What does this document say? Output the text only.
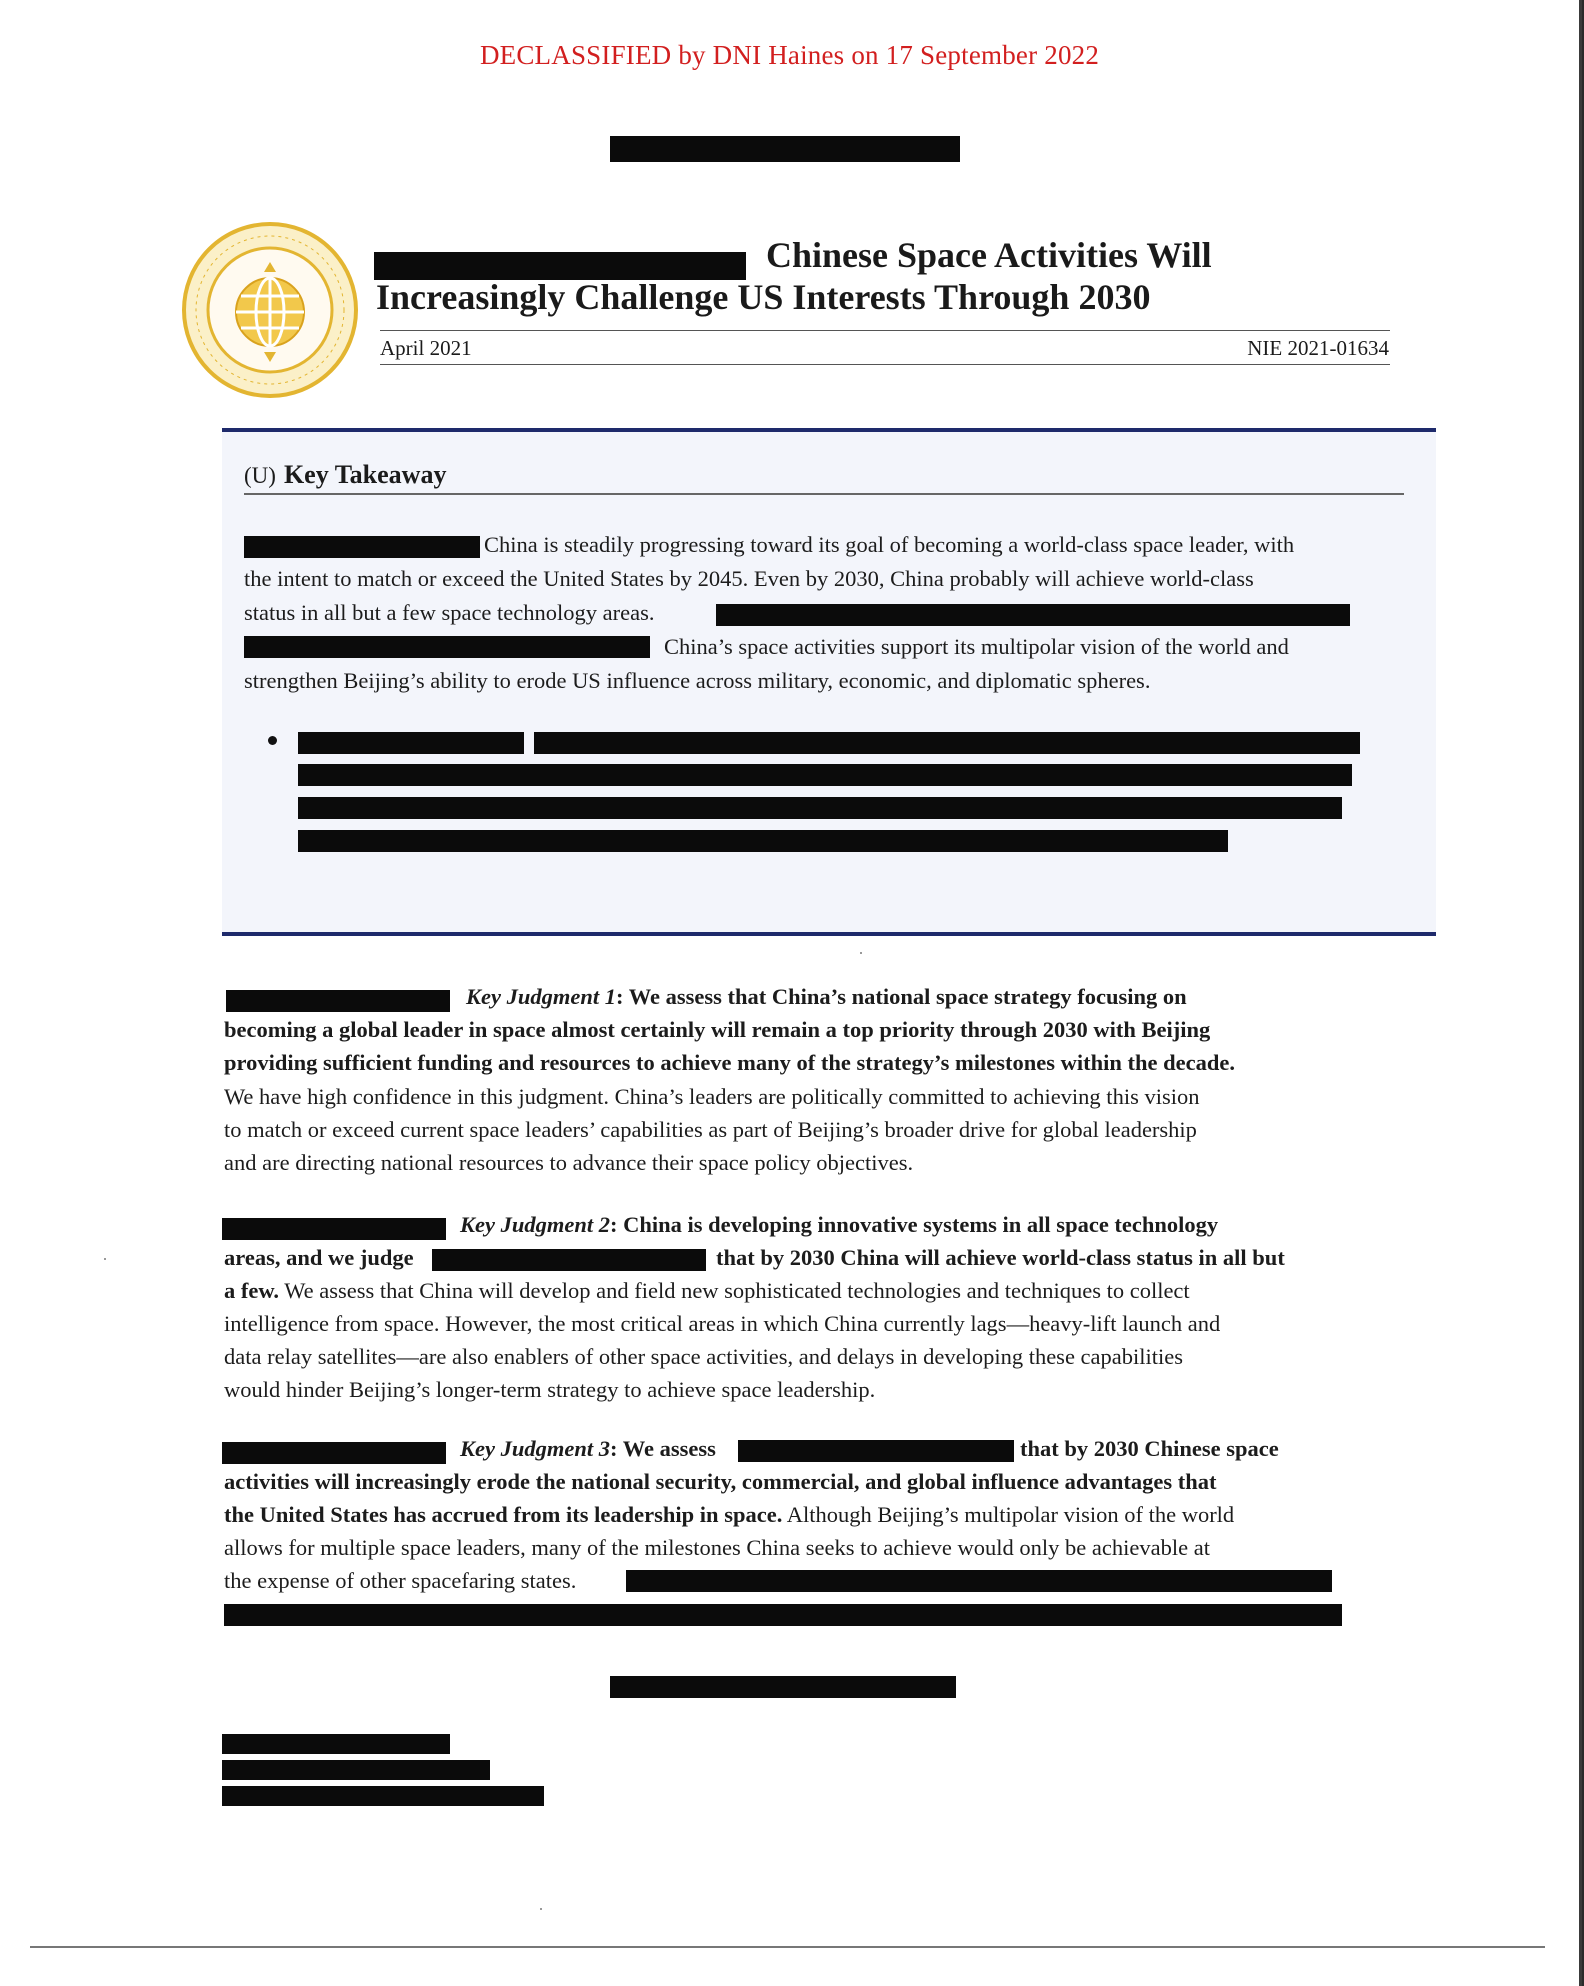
DECLASSIFIED by DNI Haines on 17 September 2022
Chinese Space Activities Will
Increasingly Challenge US Interests Through 2030
April 2021	NIE 2021-01634
(U) Key Takeaway
China is steadily progressing toward its goal of becoming a world-class space leader, with
the intent to match or exceed the United States by 2045. Even by 2030, China probably will achieve world-class
status in all but a few space technology areas.
China’s space activities support its multipolar vision of the world and
strengthen Beijing’s ability to erode US influence across military, economic, and diplomatic spheres.
Key Judgment 1: We assess that China’s national space strategy focusing on
becoming a global leader in space almost certainly will remain a top priority through 2030 with Beijing
providing sufficient funding and resources to achieve many of the strategy’s milestones within the decade.
We have high confidence in this judgment. China’s leaders are politically committed to achieving this vision
to match or exceed current space leaders’ capabilities as part of Beijing’s broader drive for global leadership
and are directing national resources to advance their space policy objectives.
Key Judgment 2: China is developing innovative systems in all space technology
areas, and we judge	that by 2030 China will achieve world-class status in all but
a few. We assess that China will develop and field new sophisticated technologies and techniques to collect
intelligence from space. However, the most critical areas in which China currently lags—heavy-lift launch and
data relay satellites—are also enablers of other space activities, and delays in developing these capabilities
would hinder Beijing’s longer-term strategy to achieve space leadership.
Key Judgment 3: We assess	that by 2030 Chinese space
activities will increasingly erode the national security, commercial, and global influence advantages that
the United States has accrued from its leadership in space. Although Beijing’s multipolar vision of the world
allows for multiple space leaders, many of the milestones China seeks to achieve would only be achievable at
the expense of other spacefaring states.
